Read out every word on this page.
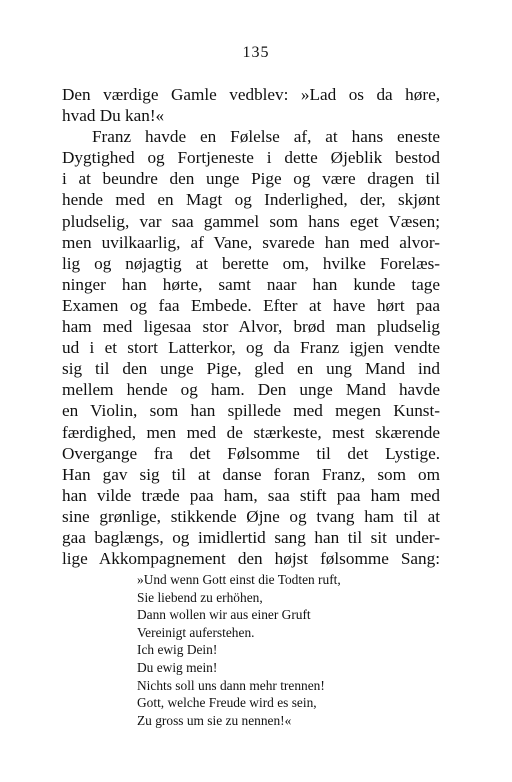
135
Den værdige Gamle vedblev: »Lad os da høre,
hvad Du kan!«
Franz havde en Følelse af, at hans eneste
Dygtighed og Fortjeneste i dette Øjeblik bestod
i at beundre den unge Pige og være dragen til
hende med en Magt og Inderlighed, der, skjønt
pludselig, var saa gammel som hans eget Væsen;
men uvilkaarlig, af Vane, svarede han med alvor-
lig og nøjagtig at berette om, hvilke Forelæs-
ninger han hørte, samt naar han kunde tage
Examen og faa Embede. Efter at have hørt paa
ham med ligesaa stor Alvor, brød man pludselig
ud i et stort Latterkor, og da Franz igjen vendte
sig til den unge Pige, gled en ung Mand ind
mellem hende og ham. Den unge Mand havde
en Violin, som han spillede med megen Kunst-
færdighed, men med de stærkeste, mest skærende
Overgange fra det Følsomme til det Lystige.
Han gav sig til at danse foran Franz, som om
han vilde træde paa ham, saa stift paa ham med
sine grønlige, stikkende Øjne og tvang ham til at
gaa baglængs, og imidlertid sang han til sit under-
lige Akkompagnement den højst følsomme Sang:
»Und wenn Gott einst die Todten ruft,
Sie liebend zu erhöhen,
Dann wollen wir aus einer Gruft
Vereinigt auferstehen.
Ich ewig Dein!
Du ewig mein!
Nichts soll uns dann mehr trennen!
Gott, welche Freude wird es sein,
Zu gross um sie zu nennen!«
